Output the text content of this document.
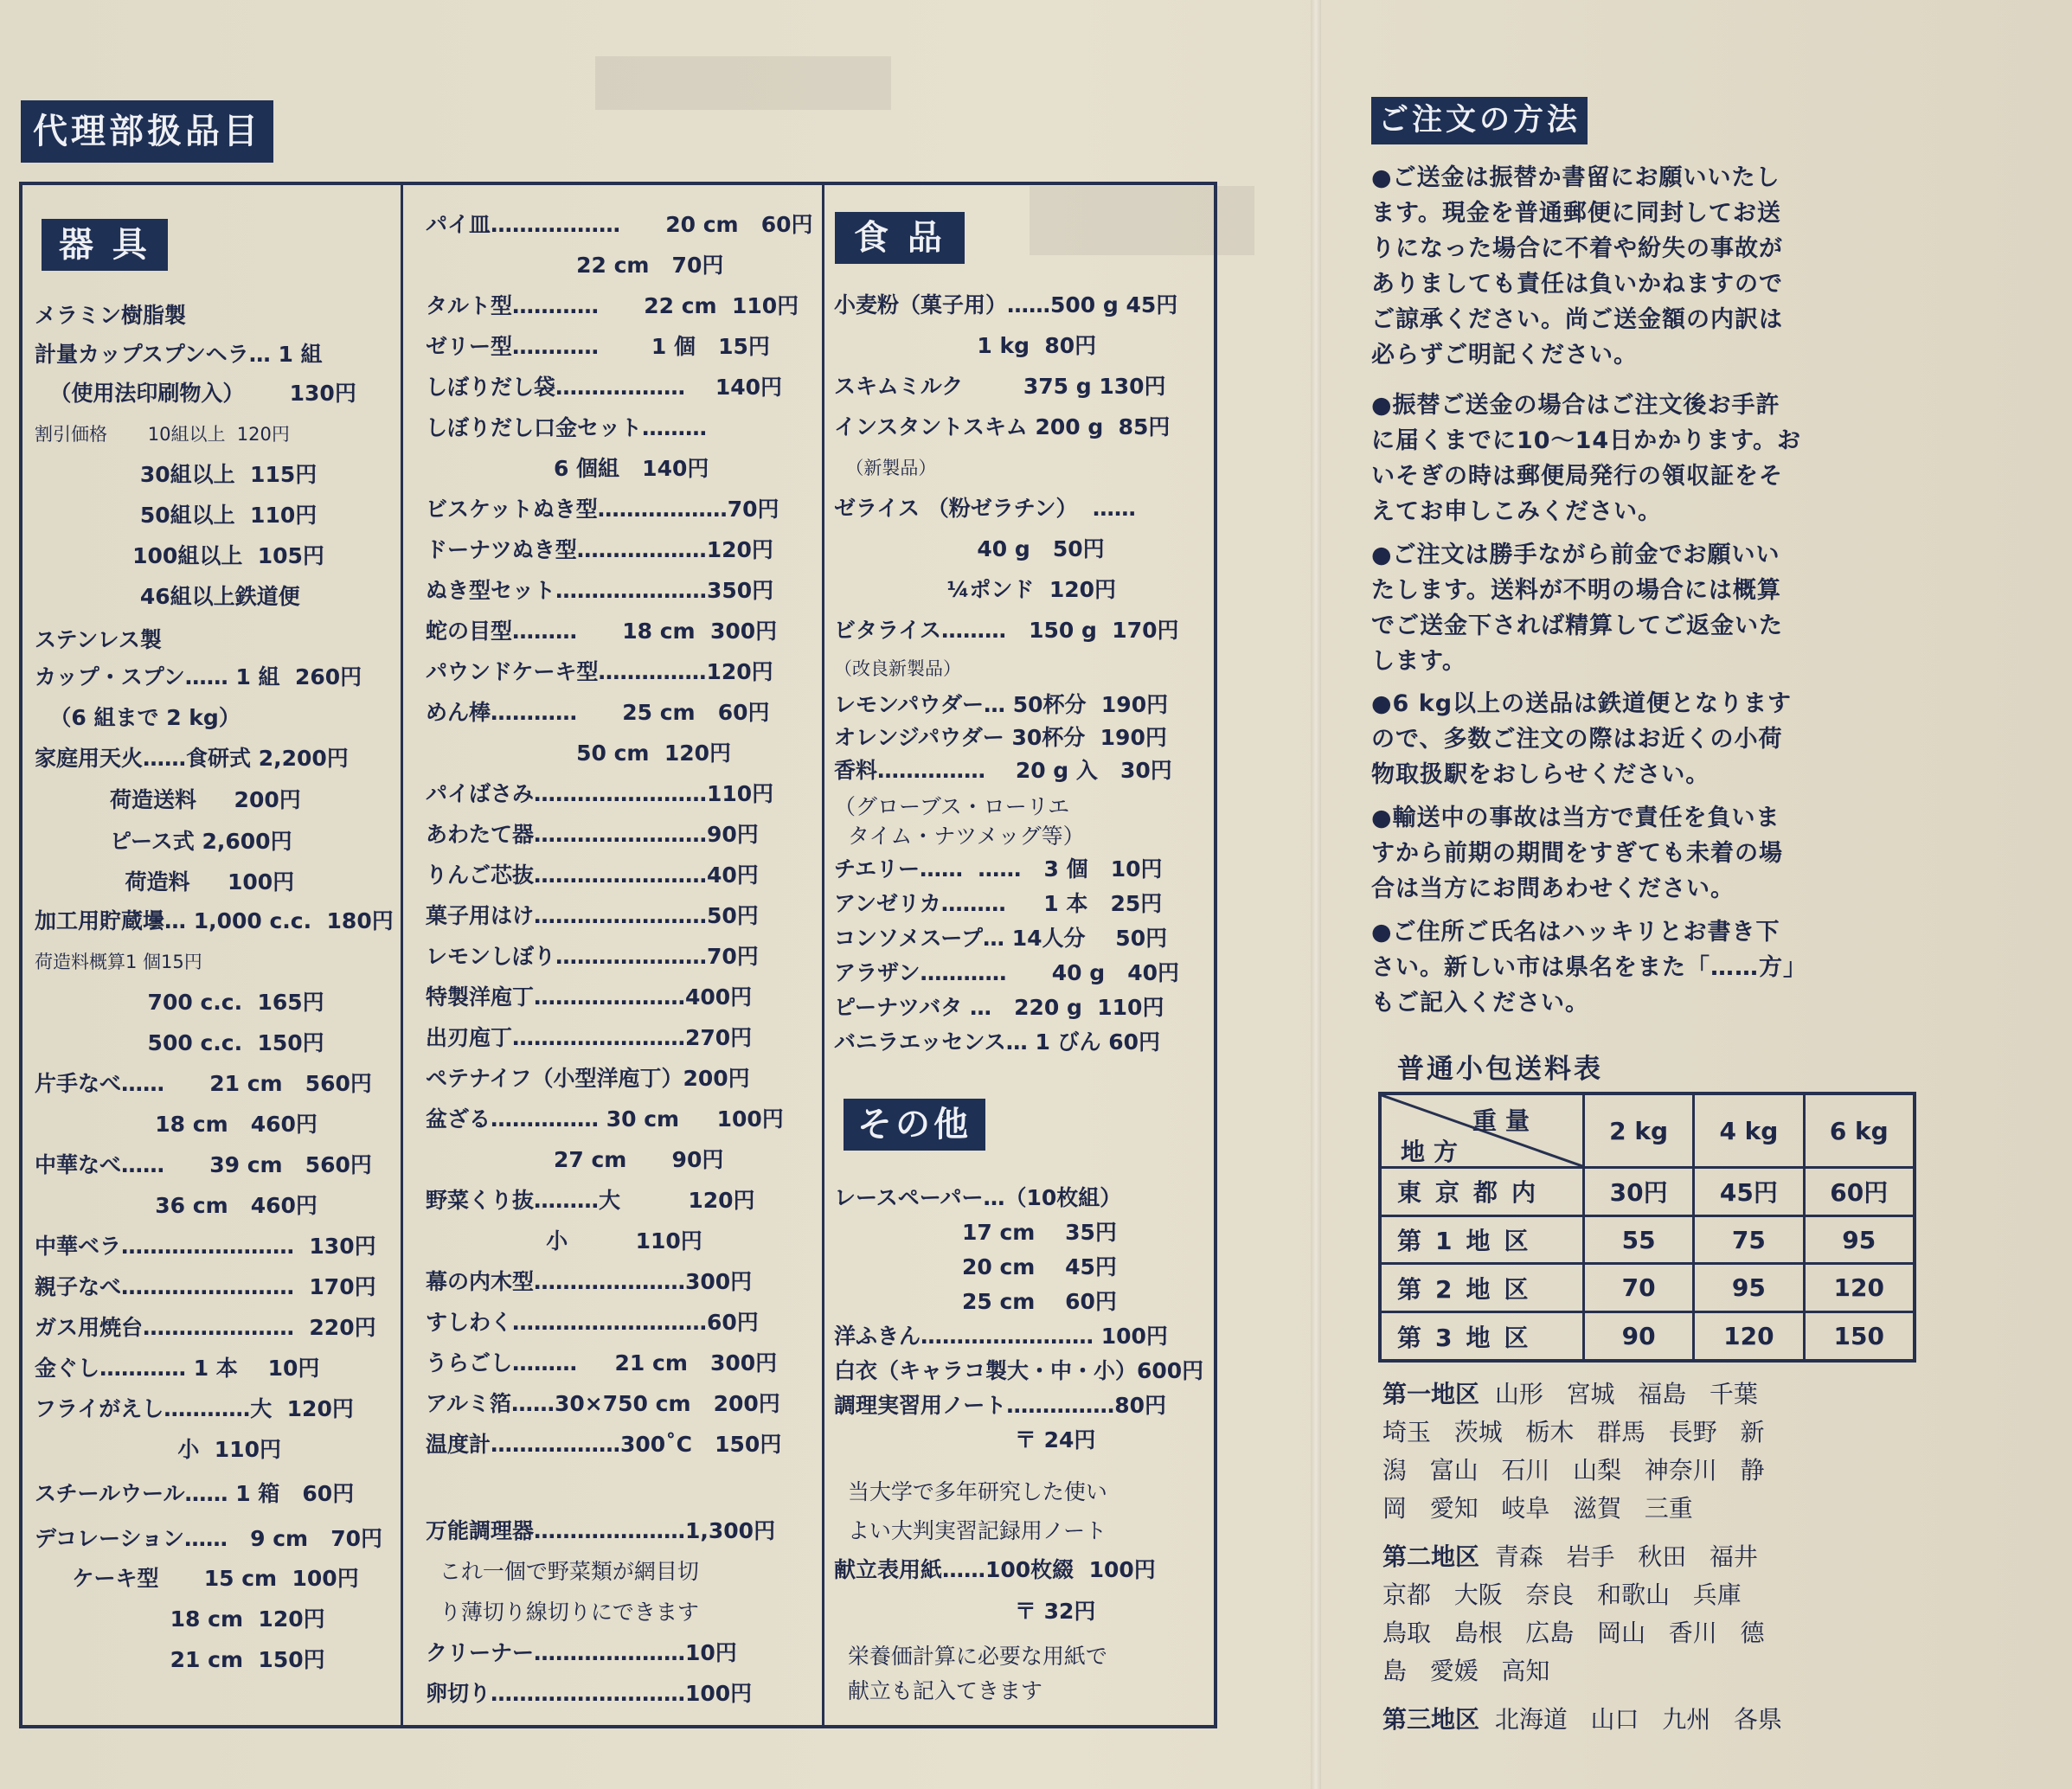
代理部扱品目
器 具	食 品
その他
メラミン樹脂製
計量カップスプンヘラ… 1 組
（使用法印刷物入）      130円
割引価格       10組以上  120円
30組以上  115円
50組以上  110円
100組以上  105円
46組以上鉄道便
ステンレス製
カップ・スプン…… 1 組  260円
（6 組まで 2 kg）
家庭用天火……食研式 2,200円
荷造送料     200円
ピース式 2,600円
荷造料     100円
加工用貯蔵壜… 1,000 c.c.  180円
荷造料概算1 個15円
700 c.c.  165円
500 c.c.  150円
片手なべ……      21 cm   560円
18 cm   460円
中華なべ……      39 cm   560円
36 cm   460円
中華ベラ……………………  130円
親子なべ……………………  170円
ガス用焼台…………………  220円
金ぐし………… 1 本    10円
フライがえし…………大  120円
小  110円
スチールウール…… 1 箱   60円
デコレーション……   9 cm   70円
ケーキ型      15 cm  100円
18 cm  120円
21 cm  150円
パイ皿………………      20 cm   60円
22 cm   70円
タルト型…………      22 cm  110円
ゼリー型…………       1 個   15円
しぼりだし袋………………    140円
しぼりだし口金セット………
6 個組   140円
ビスケットぬき型………………70円
ドーナツぬき型………………120円
ぬき型セット…………………350円
蛇の目型………      18 cm  300円
パウンドケーキ型……………120円
めん棒…………      25 cm   60円
50 cm  120円
パイばさみ……………………110円
あわたて器……………………90円
りんご芯抜……………………40円
菓子用はけ……………………50円
レモンしぼり…………………70円
特製洋庖丁…………………400円
出刃庖丁……………………270円
ペテナイフ（小型洋庖丁）200円
盆ざる…………… 30 cm     100円
27 cm      90円
野菜くり抜………大         120円
小         110円
幕の内木型…………………300円
すしわく………………………60円
うらごし………     21 cm   300円
アルミ箔……30×750 cm   200円
温度計………………300˚C   150円
万能調理器…………………1,300円
これ一個で野菜類が網目切
り薄切り線切りにできます
クリーナー…………………10円
卵切り………………………100円
小麦粉（菓子用）……500 g 45円
1 kg  80円
スキムミルク        375 g 130円
インスタントスキム 200 g  85円
（新製品）
ゼライス （粉ゼラチン）  ……
40 g   50円
¼ポンド  120円
ビタライス………   150 g  170円
（改良新製品）
レモンパウダー… 50杯分  190円
オレンジパウダー 30杯分  190円
香料……………    20 g 入   30円
（グローブス・ローリエ
タイム・ナツメッグ等）
チエリー……  ……   3 個   10円
アンゼリカ………     1 本   25円
コンソメスープ… 14人分    50円
アラザン…………      40 g   40円
ピーナツバタ …   220 g  110円
バニラエッセンス… 1 びん 60円
レースペーパー…（10枚組）
17 cm    35円
20 cm    45円
25 cm    60円
洋ふきん…………………… 100円
白衣（キャラコ製大・中・小）600円
調理実習用ノート……………80円
〒 24円
当大学で多年研究した使い
よい大判実習記録用ノート
献立表用紙……100枚綴  100円
〒 32円
栄養価計算に必要な用紙で
献立も記入てきます
ご注文の方法
●ご送金は振替か書留にお願いいたし
ます。現金を普通郵便に同封してお送
りになった場合に不着や紛失の事故が
ありましても責任は負いかねますので
ご諒承ください。尚ご送金額の内訳は
必らずご明記ください。
●振替ご送金の場合はご注文後お手許
に届くまでに10～14日かかります。お
いそぎの時は郵便局発行の領収証をそ
えてお申しこみください。
●ご注文は勝手ながら前金でお願いい
たします。送料が不明の場合には概算
でご送金下されば精算してご返金いた
します。
●6 kg以上の送品は鉄道便となります
ので、多数ご注文の際はお近くの小荷
物取扱駅をおしらせください。
●輸送中の事故は当方で責任を負いま
すから前期の期間をすぎても未着の場
合は当方にお問あわせください。
●ご住所ご氏名はハッキリとお書き下
さい。新しい市は県名をまた「……方」
もご記入ください。
普通小包送料表
重量
地方	2 kg	4 kg	6 kg
東京都内	30円	45円	60円
第1地区	55	75	95
第2地区	70	95	120
第3地区	90	120	150
第一地区  山形   宮城   福島   千葉
埼玉   茨城   栃木   群馬   長野   新
潟   富山   石川   山梨   神奈川   静
岡   愛知   岐阜   滋賀   三重
第二地区  青森   岩手   秋田   福井
京都   大阪   奈良   和歌山   兵庫
鳥取   島根   広島   岡山   香川   德
島   愛媛   高知
第三地区  北海道   山口   九州   各県
